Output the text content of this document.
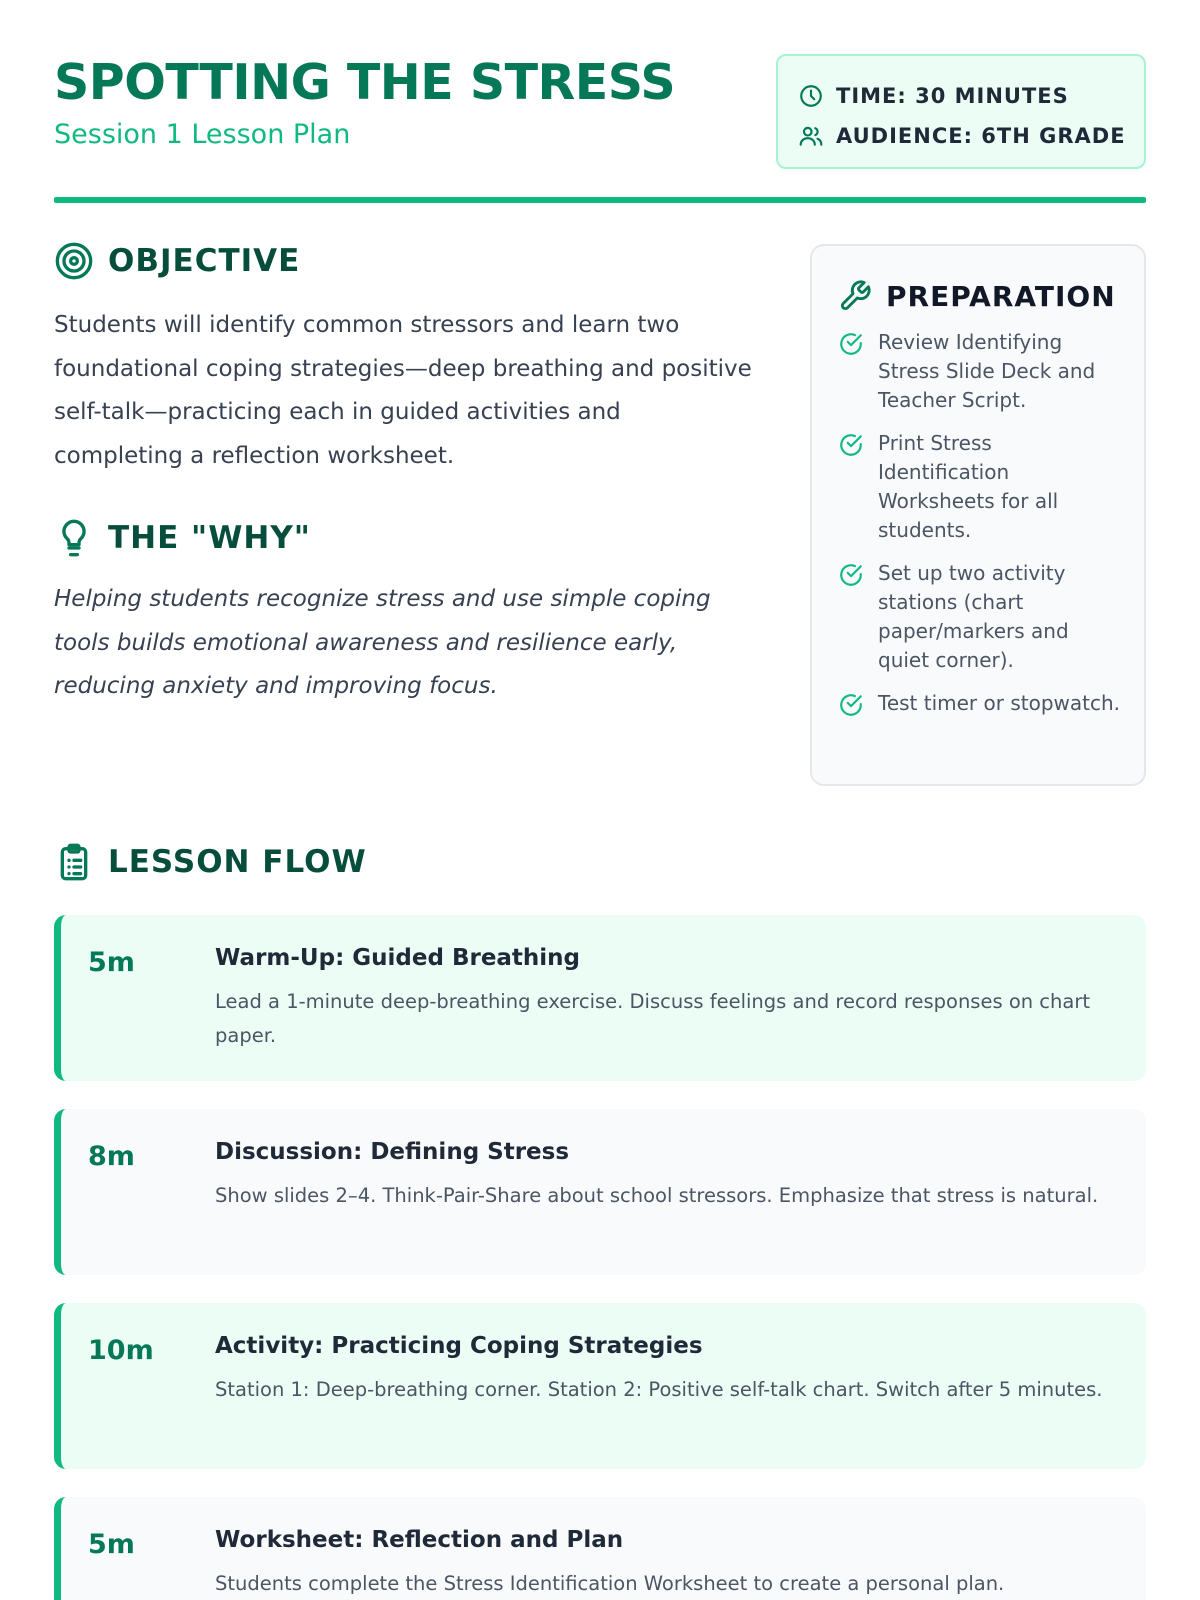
SPOTTING THE STRESS
Session 1 Lesson Plan
TIME: 30 MINUTES
AUDIENCE: 6TH GRADE
OBJECTIVE
Students will identify common stressors and learn two foundational coping strategies—deep breathing and positive self-talk—practicing each in guided activities and completing a reflection worksheet.
THE "WHY"
Helping students recognize stress and use simple coping tools builds emotional awareness and resilience early, reducing anxiety and improving focus.
PREPARATION
Review Identifying Stress Slide Deck and Teacher Script.
Print Stress Identification Worksheets for all students.
Set up two activity stations (chart paper/markers and quiet corner).
Test timer or stopwatch.
LESSON FLOW
5m	Warm-Up: Guided Breathing
Lead a 1-minute deep-breathing exercise. Discuss feelings and record responses on chart paper.
8m	Discussion: Defining Stress
Show slides 2–4. Think-Pair-Share about school stressors. Emphasize that stress is natural.
10m	Activity: Practicing Coping Strategies
Station 1: Deep-breathing corner. Station 2: Positive self-talk chart. Switch after 5 minutes.
5m	Worksheet: Reflection and Plan
Students complete the Stress Identification Worksheet to create a personal plan.
